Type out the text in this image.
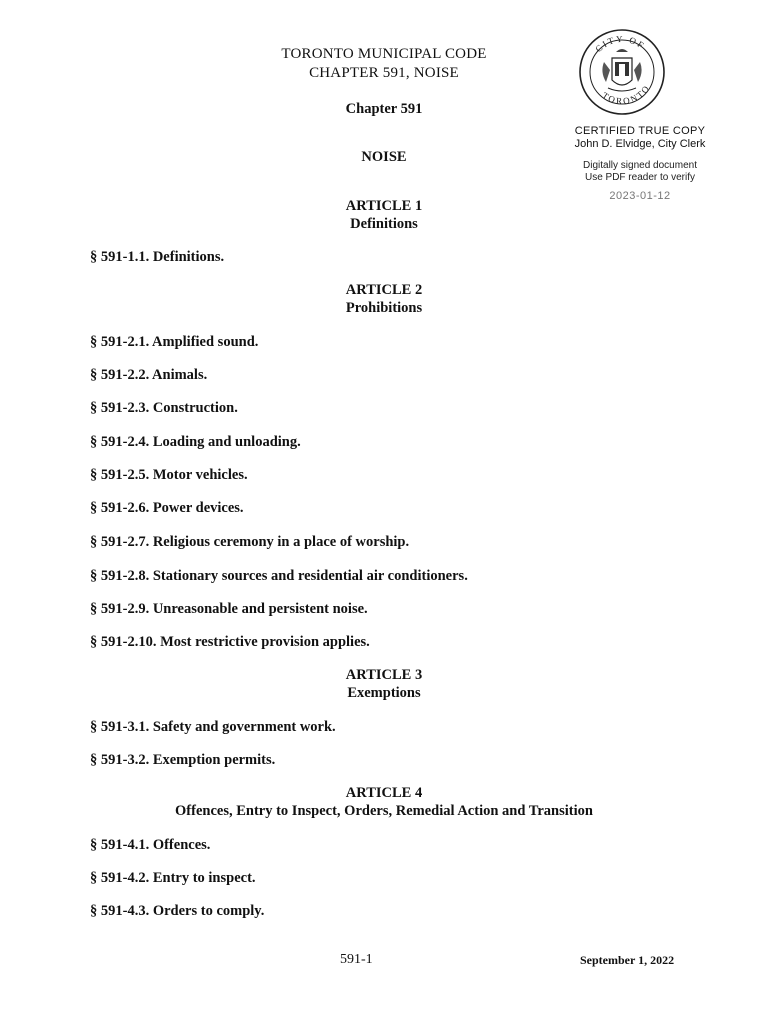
TORONTO MUNICIPAL CODE
CHAPTER 591, NOISE
Chapter 591
NOISE
CITY OF
TORONTO
CERTIFIED TRUE COPY
John D. Elvidge, City Clerk
Digitally signed document
Use PDF reader to verify
2023-01-12
ARTICLE 1
Definitions
§ 591-1.1. Definitions.
ARTICLE 2
Prohibitions
§ 591-2.1. Amplified sound.
§ 591-2.2. Animals.
§ 591-2.3. Construction.
§ 591-2.4. Loading and unloading.
§ 591-2.5. Motor vehicles.
§ 591-2.6. Power devices.
§ 591-2.7. Religious ceremony in a place of worship.
§ 591-2.8. Stationary sources and residential air conditioners.
§ 591-2.9. Unreasonable and persistent noise.
§ 591-2.10. Most restrictive provision applies.
ARTICLE 3
Exemptions
§ 591-3.1. Safety and government work.
§ 591-3.2. Exemption permits.
ARTICLE 4
Offences, Entry to Inspect, Orders, Remedial Action and Transition
§ 591-4.1. Offences.
§ 591-4.2. Entry to inspect.
§ 591-4.3. Orders to comply.
591-1	September 1, 2022
